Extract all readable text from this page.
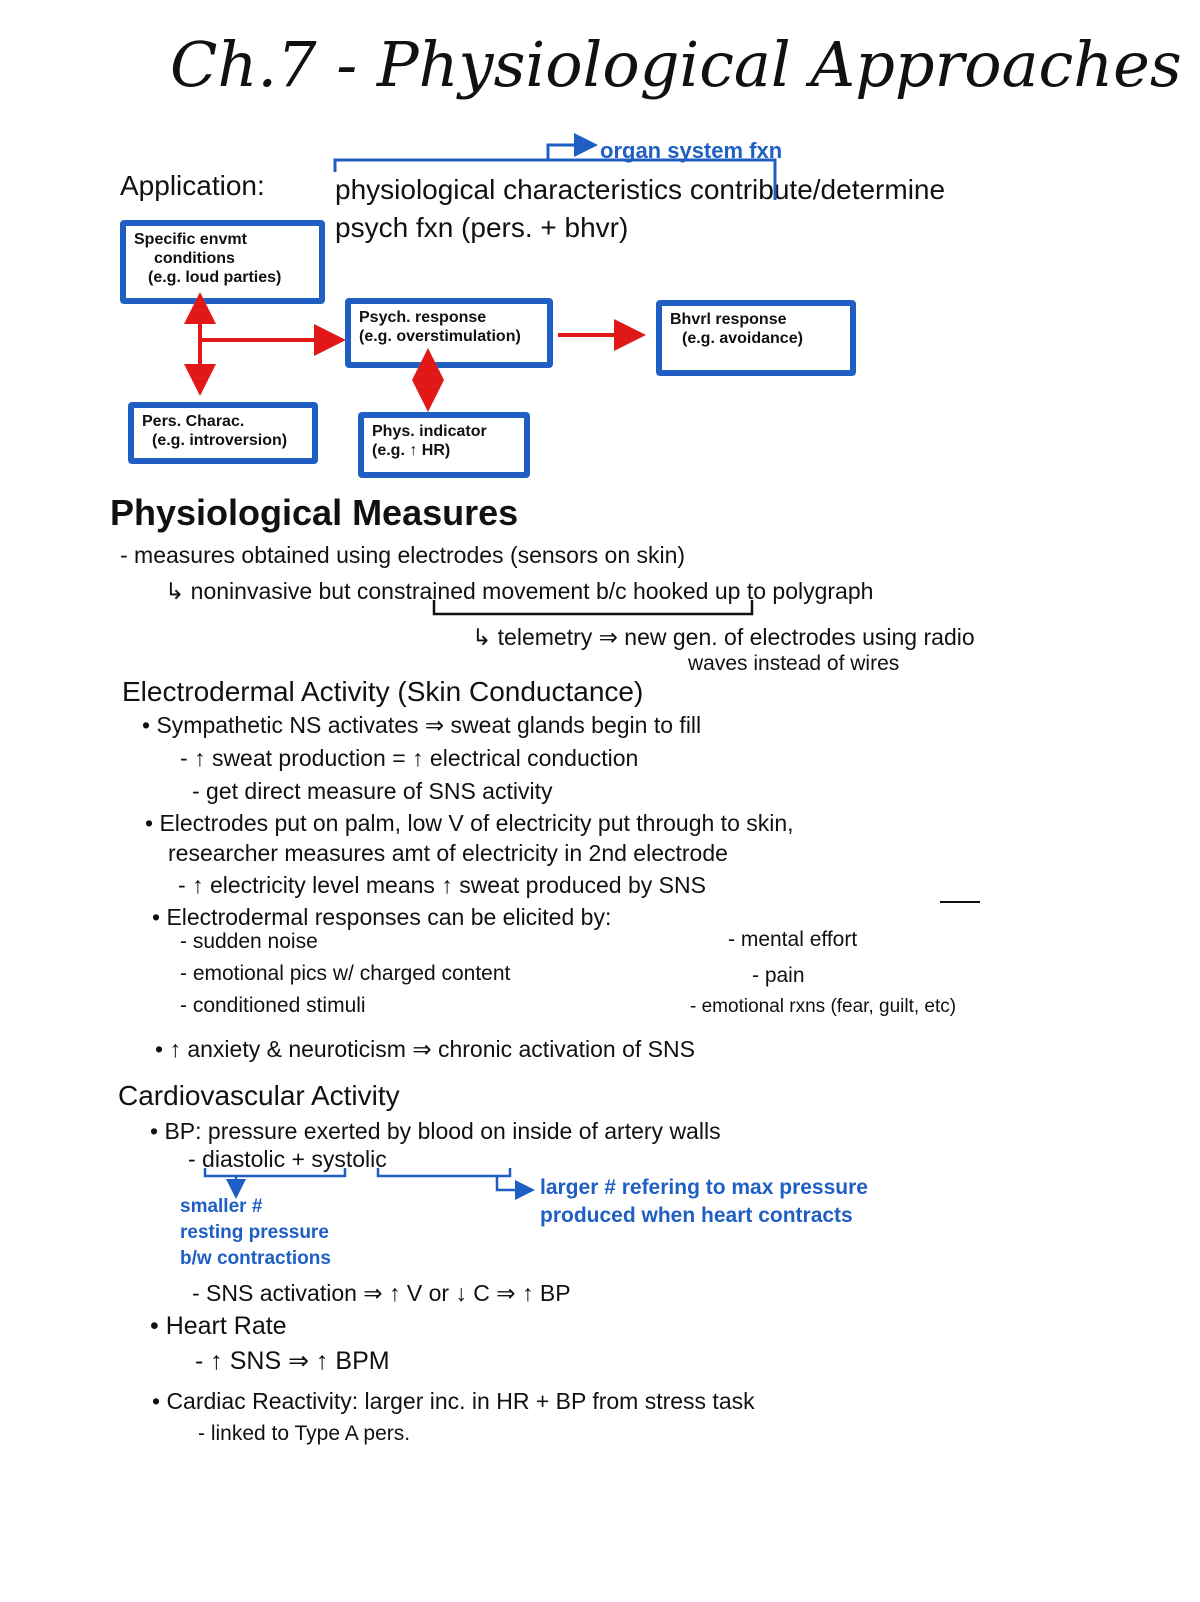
Ch.7 - Physiological Approaches
organ system fxn
Application:	physiological characteristics contribute/determine
psych fxn (pers. + bhvr)
Specific envmt
conditions
(e.g. loud parties)
Psych. response
(e.g. overstimulation)
Bhvrl response
(e.g. avoidance)
Pers. Charac.
(e.g. introversion)
Phys. indicator
(e.g. ↑ HR)
Physiological Measures
- measures obtained using electrodes (sensors on skin)
↳ noninvasive but constrained movement b/c hooked up to polygraph
↳ telemetry ⇒ new gen. of electrodes using radio
waves instead of wires
Electrodermal Activity (Skin Conductance)
• Sympathetic NS activates ⇒ sweat glands begin to fill
- ↑ sweat production = ↑ electrical conduction
- get direct measure of SNS activity
• Electrodes put on palm, low V of electricity put through to skin,
researcher measures amt of electricity in 2nd electrode
- ↑ electricity level means ↑ sweat produced by SNS
• Electrodermal responses can be elicited by:
- sudden noise
- emotional pics w/ charged content
- conditioned stimuli
- mental effort
- pain
- emotional rxns (fear, guilt, etc)
• ↑ anxiety & neuroticism ⇒ chronic activation of SNS
Cardiovascular Activity
• BP: pressure exerted by blood on inside of artery walls
- diastolic + systolic
smaller #
resting pressure
b/w contractions
larger # refering to max pressure
produced when heart contracts
- SNS activation ⇒ ↑ V or ↓ C ⇒ ↑ BP
• Heart Rate
- ↑ SNS ⇒ ↑ BPM
• Cardiac Reactivity: larger inc. in HR + BP from stress task
- linked to Type A pers.
